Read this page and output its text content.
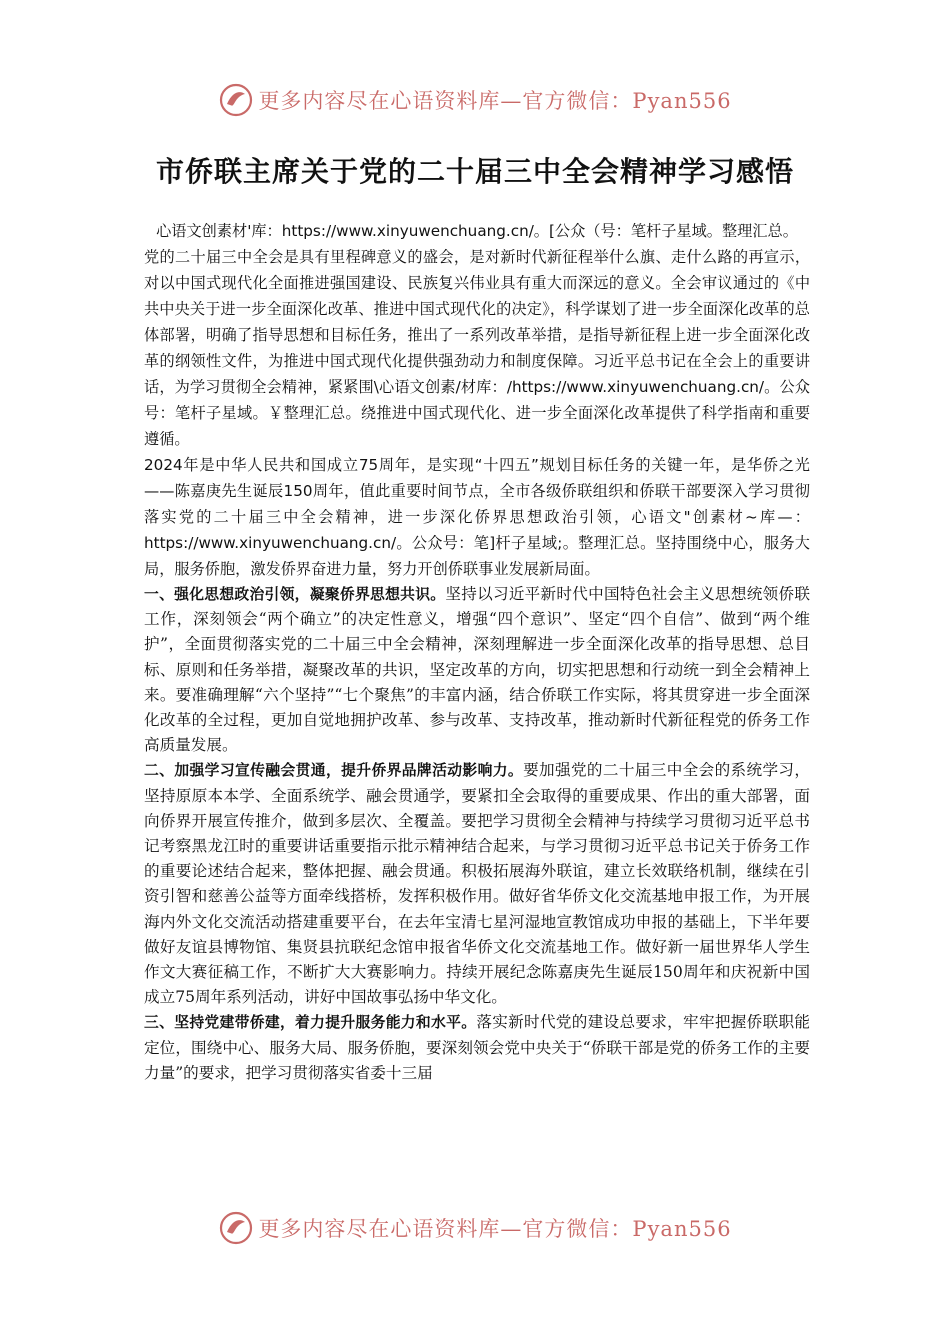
更多内容尽在心语资料库—官方微信：Pyan556
市侨联主席关于党的二十届三中全会精神学习感悟

心语文创素材'库：https://www.xinyuwenchuang.cn/。[公众（号：笔杆子星域。整理汇总。

党的二十届三中全会是具有里程碑意义的盛会，是对新时代新征程举什么旗、走什么路的再宣示，对以中国式现代化全面推进强国建设、民族复兴伟业具有重大而深远的意义。全会审议通过的《中共中央关于进一步全面深化改革、推进中国式现代化的决定》，科学谋划了进一步全面深化改革的总体部署，明确了指导思想和目标任务，推出了一系列改革举措，是指导新征程上进一步全面深化改革的纲领性文件，为推进中国式现代化提供强劲动力和制度保障。习近平总书记在全会上的重要讲话，为学习贯彻全会精神，紧紧围\心语文创素/材库：/https://www.xinyuwenchuang.cn/。公众号：笔杆子星域。￥整理汇总。绕推进中国式现代化、进一步全面深化改革提供了科学指南和重要遵循。

2024年是中华人民共和国成立75周年，是实现“十四五”规划目标任务的关键一年，是华侨之光——陈嘉庚先生诞辰150周年，值此重要时间节点，全市各级侨联组织和侨联干部要深入学习贯彻落实党的二十届三中全会精神，进一步深化侨界思想政治引领，心语文"创素材~库—：https://www.xinyuwenchuang.cn/。公众号：笔]杆子星域;。整理汇总。坚持围绕中心，服务大局，服务侨胞，激发侨界奋进力量，努力开创侨联事业发展新局面。

一、强化思想政治引领，凝聚侨界思想共识。坚持以习近平新时代中国特色社会主义思想统领侨联工作，深刻领会“两个确立”的决定性意义，增强“四个意识”、坚定“四个自信”、做到“两个维护”，全面贯彻落实党的二十届三中全会精神，深刻理解进一步全面深化改革的指导思想、总目标、原则和任务举措，凝聚改革的共识，坚定改革的方向，切实把思想和行动统一到全会精神上来。要准确理解“六个坚持”“七个聚焦”的丰富内涵，结合侨联工作实际，将其贯穿进一步全面深化改革的全过程，更加自觉地拥护改革、参与改革、支持改革，推动新时代新征程党的侨务工作高质量发展。

二、加强学习宣传融会贯通，提升侨界品牌活动影响力。要加强党的二十届三中全会的系统学习，坚持原原本本学、全面系统学、融会贯通学，要紧扣全会取得的重要成果、作出的重大部署，面向侨界开展宣传推介，做到多层次、全覆盖。要把学习贯彻全会精神与持续学习贯彻习近平总书记考察黑龙江时的重要讲话重要指示批示精神结合起来，与学习贯彻习近平总书记关于侨务工作的重要论述结合起来，整体把握、融会贯通。积极拓展海外联谊，建立长效联络机制，继续在引资引智和慈善公益等方面牵线搭桥，发挥积极作用。做好省华侨文化交流基地申报工作，为开展海内外文化交流活动搭建重要平台，在去年宝清七星河湿地宣教馆成功申报的基础上，下半年要做好友谊县博物馆、集贤县抗联纪念馆申报省华侨文化交流基地工作。做好新一届世界华人学生作文大赛征稿工作，不断扩大大赛影响力。持续开展纪念陈嘉庚先生诞辰150周年和庆祝新中国成立75周年系列活动，讲好中国故事弘扬中华文化。

三、坚持党建带侨建，着力提升服务能力和水平。落实新时代党的建设总要求，牢牢把握侨联职能定位，围绕中心、服务大局、服务侨胞，要深刻领会党中央关于“侨联干部是党的侨务工作的主要力量”的要求，把学习贯彻落实省委十三届

更多内容尽在心语资料库—官方微信：Pyan556
